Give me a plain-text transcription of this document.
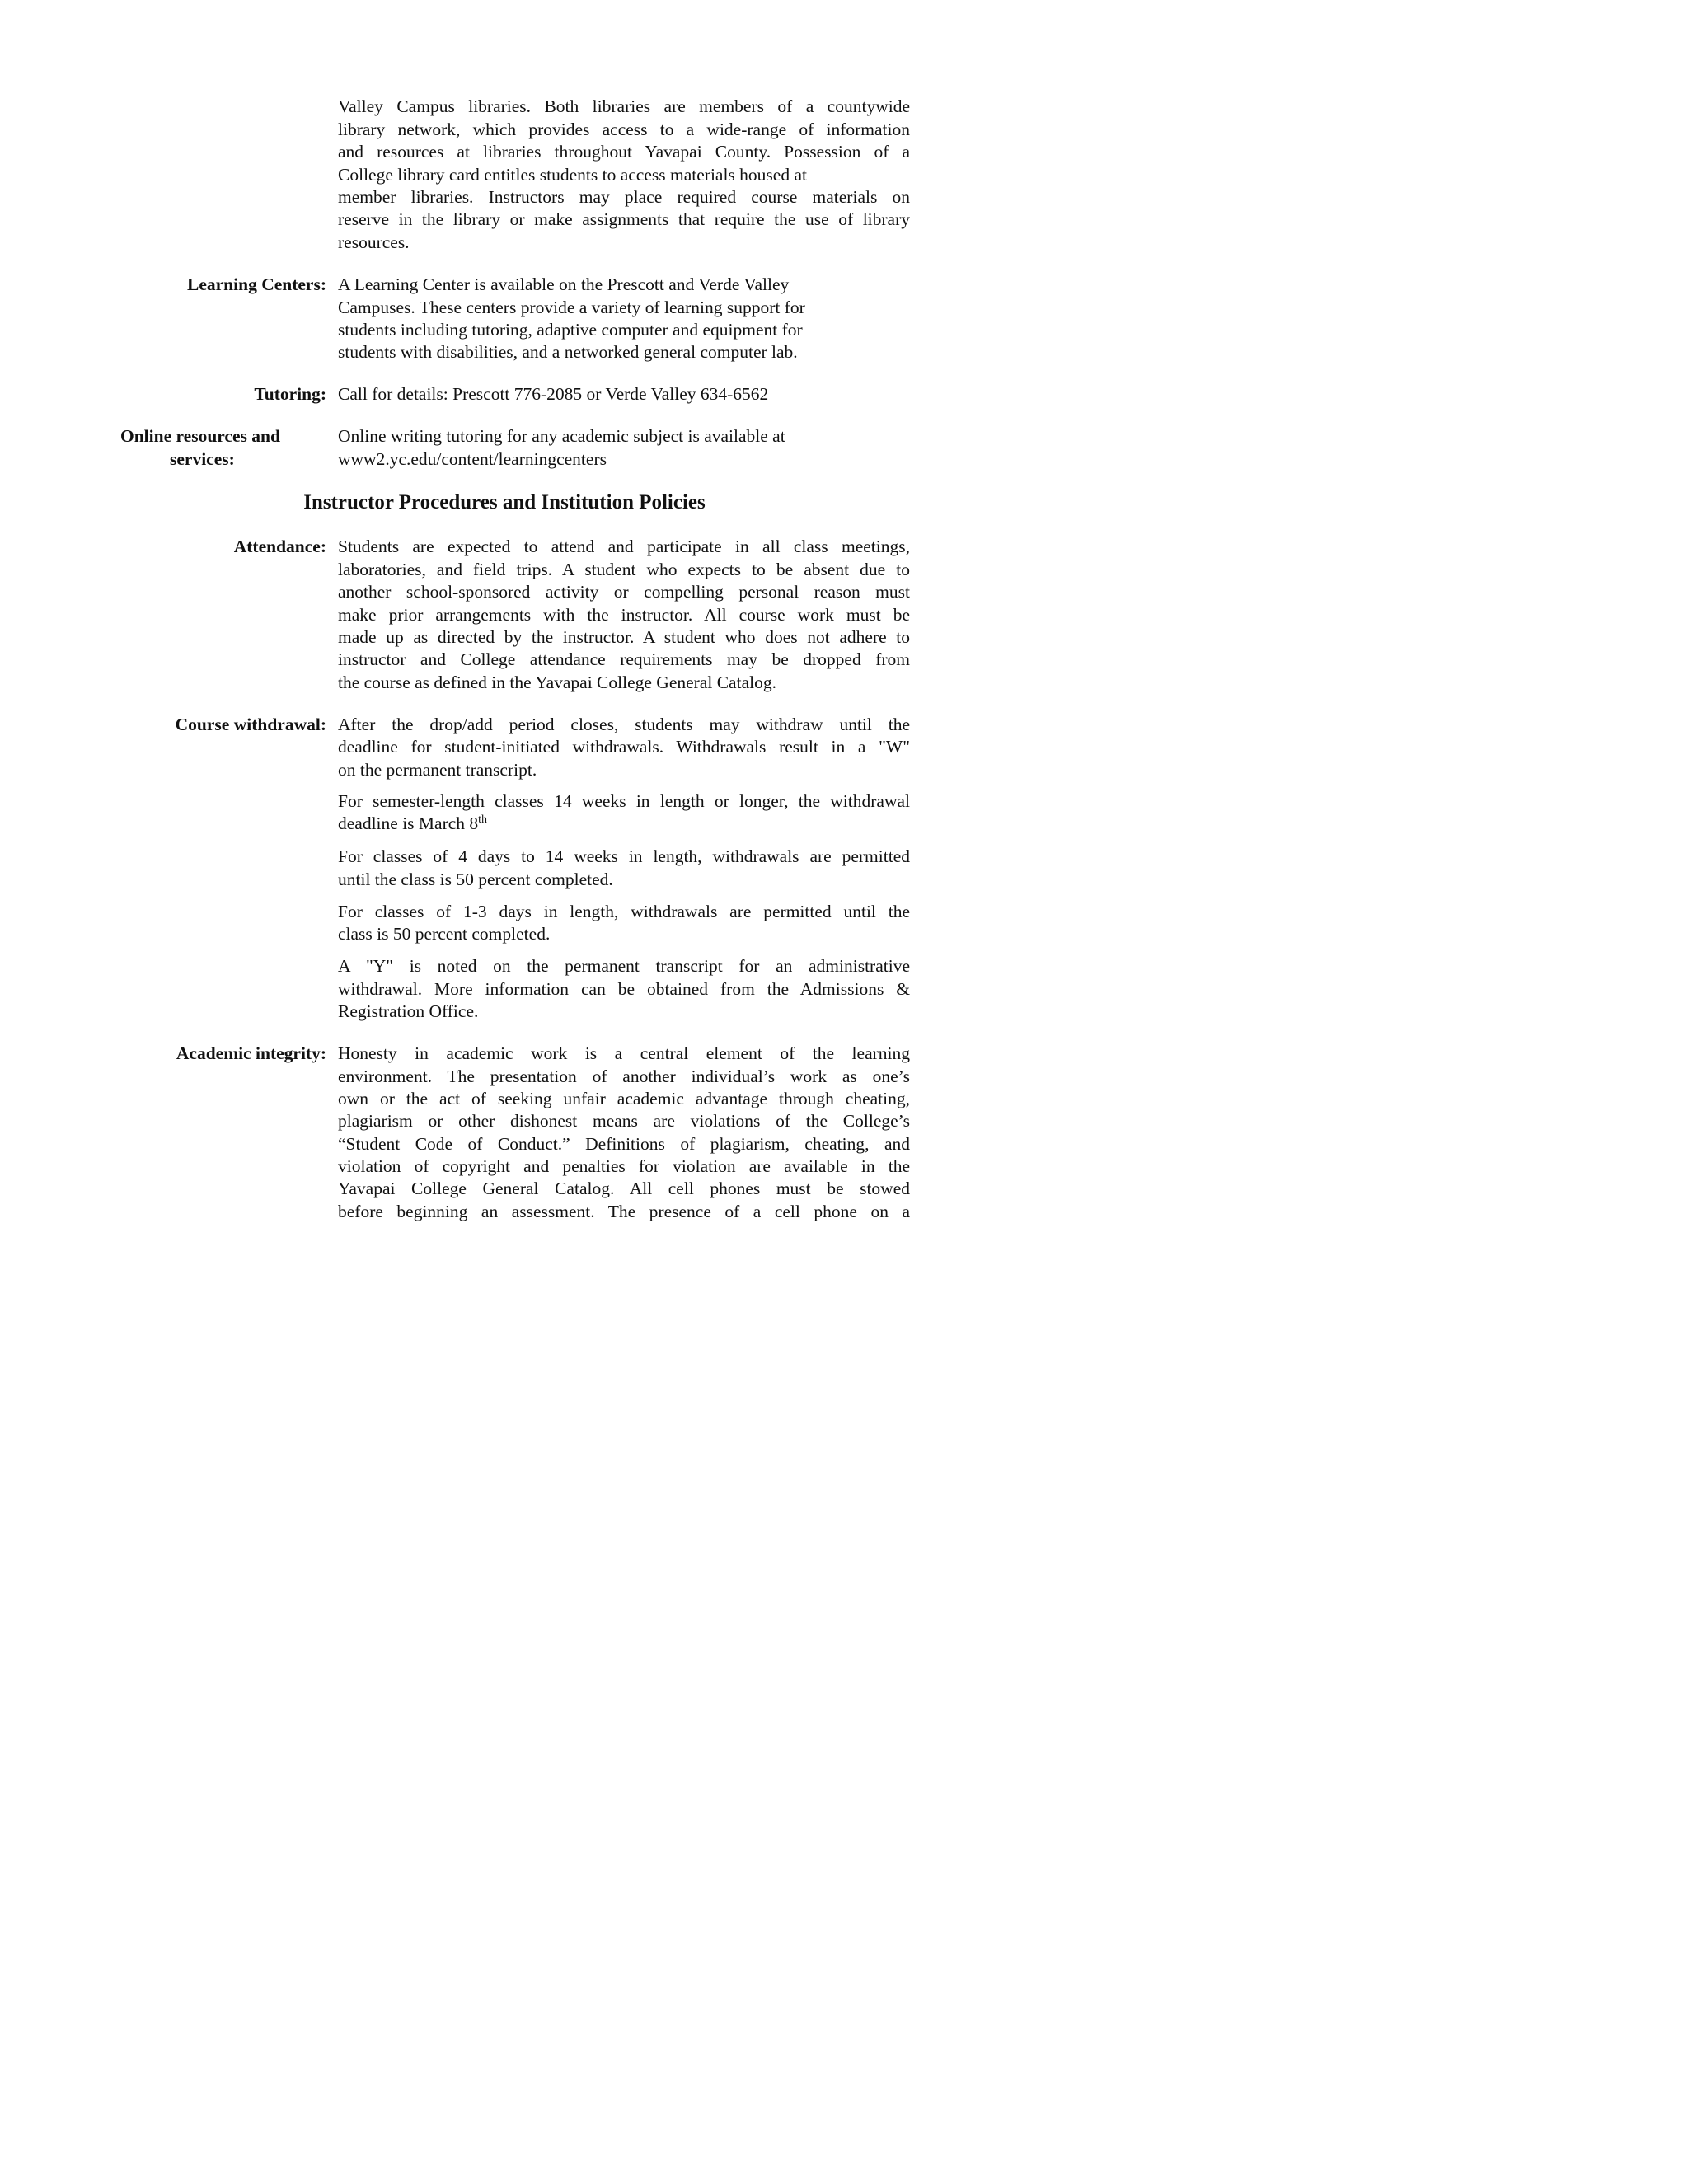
Valley Campus libraries. Both libraries are members of a countywide
library network, which provides access to a wide-range of information
and resources at libraries throughout Yavapai County. Possession of a
College library card entitles students to access materials housed at
member libraries. Instructors may place required course materials on
reserve in the library or make assignments that require the use of library
resources.
Learning Centers: A Learning Center is available on the Prescott and Verde Valley
Campuses. These centers provide a variety of learning support for
students including tutoring, adaptive computer and equipment for
students with disabilities, and a networked general computer lab.
Tutoring: Call for details: Prescott 776-2085 or Verde Valley 634-6562
Online resources and
services:
Online writing tutoring for any academic subject is available at
www2.yc.edu/content/learningcenters
Instructor Procedures and Institution Policies
Attendance: Students are expected to attend and participate in all class meetings,
laboratories, and field trips. A student who expects to be absent due to
another school-sponsored activity or compelling personal reason must
make prior arrangements with the instructor. All course work must be
made up as directed by the instructor. A student who does not adhere to
instructor and College attendance requirements may be dropped from
the course as defined in the Yavapai College General Catalog.
Course withdrawal: After the drop/add period closes, students may withdraw until the
deadline for student-initiated withdrawals. Withdrawals result in a "W"
on the permanent transcript.
For semester-length classes 14 weeks in length or longer, the withdrawal
deadline is March 8th
For classes of 4 days to 14 weeks in length, withdrawals are permitted
until the class is 50 percent completed.
For classes of 1-3 days in length, withdrawals are permitted until the
class is 50 percent completed.
A "Y" is noted on the permanent transcript for an administrative
withdrawal. More information can be obtained from the Admissions &
Registration Office.
Academic integrity: Honesty in academic work is a central element of the learning
environment. The presentation of another individual’s work as one’s
own or the act of seeking unfair academic advantage through cheating,
plagiarism or other dishonest means are violations of the College’s
“Student Code of Conduct.” Definitions of plagiarism, cheating, and
violation of copyright and penalties for violation are available in the
Yavapai College General Catalog. All cell phones must be stowed
before beginning an assessment. The presence of a cell phone on a
